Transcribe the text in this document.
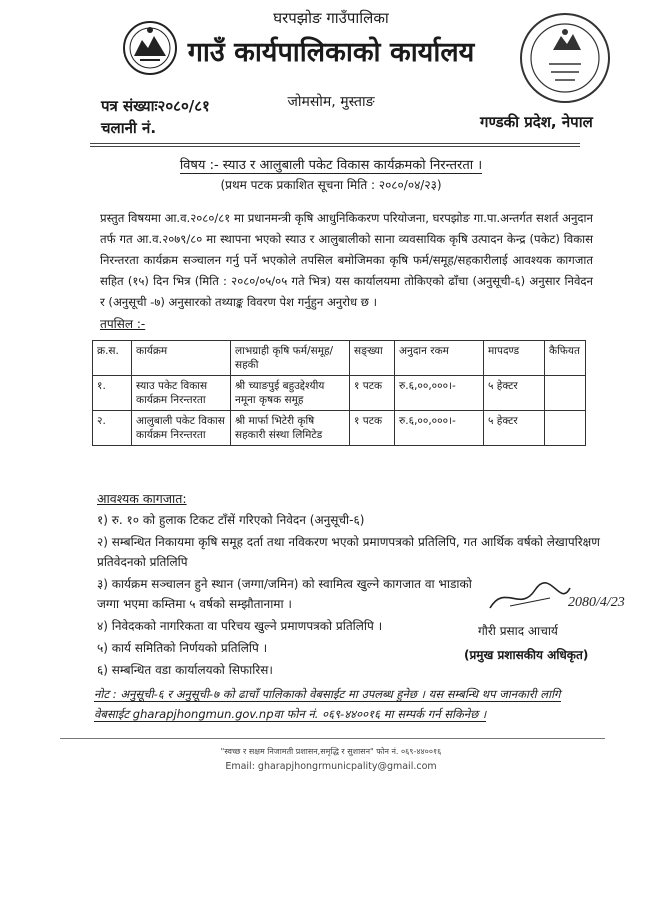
घरपझोङ गाउँपालिका
गाउँ कार्यपालिकाको कार्यालय
जोमसोम, मुस्ताङ
पत्र संख्याः२०८०/८१
चलानी नं.	गण्डकी प्रदेश, नेपाल
विषय :- स्याउ र आलुबाली पकेट विकास कार्यक्रमको निरन्तरता ।
(प्रथम पटक प्रकाशित सूचना मिति : २०८०/०४/२३)
प्रस्तुत विषयमा आ.व.२०८०/८१ मा प्रधानमन्त्री कृषि आधुनिकिकरण परियोजना, घरपझोङ गा.पा.अन्तर्गत सशर्त अनुदान तर्फ गत आ.व.२०७९/८० मा स्थापना भएको स्याउ र आलुबालीको साना व्यवसायिक कृषि उत्पादन केन्द्र (पकेट) विकास निरन्तरता कार्यक्रम सञ्चालन गर्नु पर्ने भएकोले तपसिल बमोजिमका कृषि फर्म/समूह/सहकारीलाई आवश्यक कागजात सहित (१५) दिन भित्र (मिति : २०८०/०५/०५ गते भित्र) यस कार्यालयमा तोकिएको ढाँचा (अनुसूची-६) अनुसार निवेदन र (अनुसूची -७) अनुसारको तथ्याङ्क विवरण पेश गर्नुहुन अनुरोध छ ।
तपसिल :-
क्र.स.	कार्यक्रम	लाभग्राही कृषि फर्म/समूह/सहकी	सङ्ख्या	अनुदान रकम	मापदण्ड	कैफियत
१.	स्याउ पकेट विकास कार्यक्रम निरन्तरता	श्री च्याङपुई बहुउद्देश्यीय नमूना कृषक समूह	१ पटक	रु.६,००,०००।-	५ हेक्टर	
२.	आलुबाली पकेट विकास कार्यक्रम निरन्तरता	श्री मार्फा भिटेरी कृषि सहकारी संस्था लिमिटेड	१ पटक	रु.६,००,०००।-	५ हेक्टर	
आवश्यक कागजात:
१) रु. १० को हुलाक टिकट टाँसें गरिएको निवेदन (अनुसूची-६)
२) सम्बन्धित निकायमा कृषि समूह दर्ता तथा नविकरण भएको प्रमाणपत्रको प्रतिलिपि, गत आर्थिक वर्षको लेखापरिक्षण प्रतिवेदनको प्रतिलिपि
३) कार्यक्रम सञ्चालन हुने स्थान (जग्गा/जमिन) को स्वामित्व खुल्ने कागजात वा भाडाको जग्गा भएमा कम्तिमा ५ वर्षको सम्झौतानामा ।
४) निवेदकको नागरिकता वा परिचय खुल्ने प्रमाणपत्रको प्रतिलिपि ।
५) कार्य समितिको निर्णयको प्रतिलिपि ।
६) सम्बन्धित वडा कार्यालयको सिफारिस।
2080/4/23
गौरी प्रसाद आचार्य
(प्रमुख प्रशासकीय अधिकृत)
नोट : अनुसूची-६ र अनुसूची-७ को ढाचाँ पालिकाको वेबसाईट मा उपलब्ध हुनेछ । यस सम्बन्धि थप जानकारी लागि वेबसाईट gharapjhongmun.gov.npवा फोन नं. ०६९-४४००१६ मा सम्पर्क गर्न सकिनेछ ।
"स्वच्छ र सक्षम निजामती प्रशासन,समृद्धि र सुशासन" फोन नं. ०६९-४४००१६
Email: gharapjhongrmunicpality@gmail.com
